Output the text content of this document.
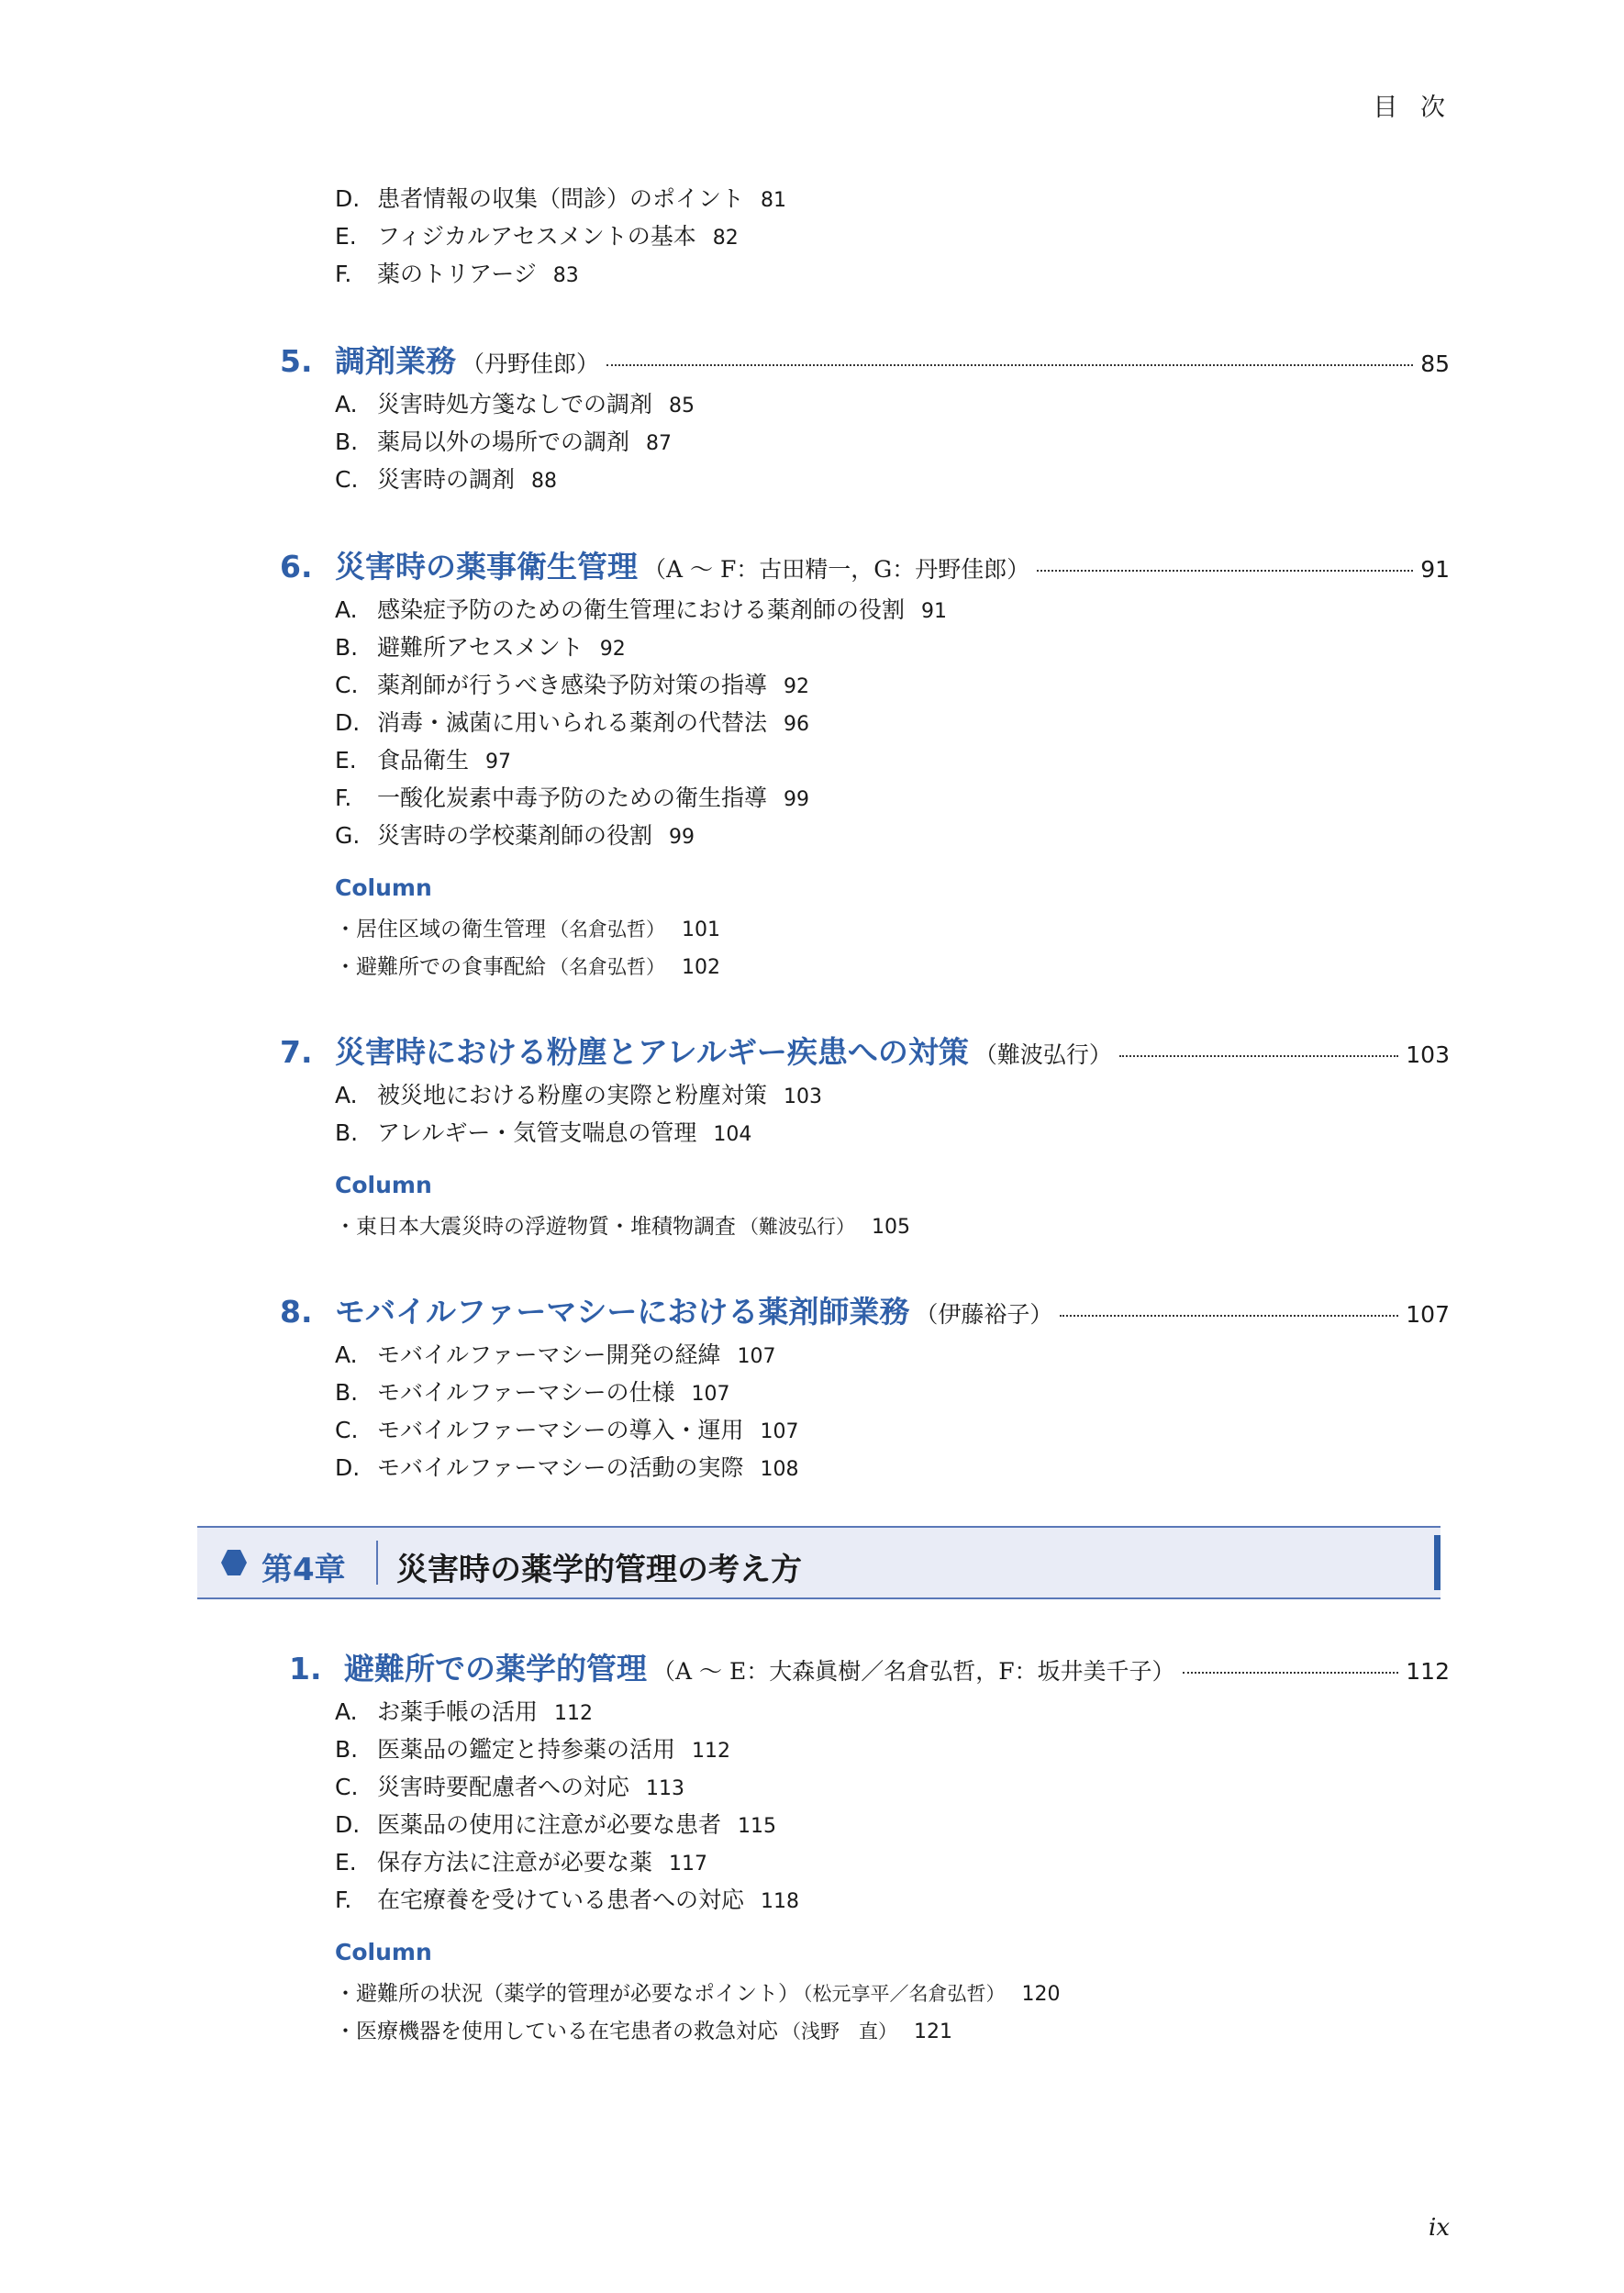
目 次
D. 患者情報の収集（問診）のポイント 81
E. フィジカルアセスメントの基本 82
F. 薬のトリアージ 83
5. 調剤業務 （丹野佳郎）	85
A. 災害時処方箋なしでの調剤 85
B. 薬局以外の場所での調剤 87
C. 災害時の調剤 88
6. 災害時の薬事衛生管理 （A ～ F：古田精一，G：丹野佳郎）	91
A. 感染症予防のための衛生管理における薬剤師の役割 91
B. 避難所アセスメント 92
C. 薬剤師が行うべき感染予防対策の指導 92
D. 消毒・滅菌に用いられる薬剤の代替法 96
E. 食品衛生 97
F. 一酸化炭素中毒予防のための衛生指導 99
G. 災害時の学校薬剤師の役割 99
Column
・居住区域の衛生管理 （名倉弘哲） 101
・避難所での食事配給 （名倉弘哲） 102
7. 災害時における粉塵とアレルギー疾患への対策 （難波弘行）	103
A. 被災地における粉塵の実際と粉塵対策 103
B. アレルギー・気管支喘息の管理 104
Column
・東日本大震災時の浮遊物質・堆積物調査 （難波弘行） 105
8. モバイルファーマシーにおける薬剤師業務 （伊藤裕子）	107
A. モバイルファーマシー開発の経緯 107
B. モバイルファーマシーの仕様 107
C. モバイルファーマシーの導入・運用 107
D. モバイルファーマシーの活動の実際 108
第4章 災害時の薬学的管理の考え方
1. 避難所での薬学的管理 （A ～ E：大森眞樹／名倉弘哲，F：坂井美千子）	112
A. お薬手帳の活用 112
B. 医薬品の鑑定と持参薬の活用 112
C. 災害時要配慮者への対応 113
D. 医薬品の使用に注意が必要な患者 115
E. 保存方法に注意が必要な薬 117
F. 在宅療養を受けている患者への対応 118
Column
・避難所の状況（薬学的管理が必要なポイント） （松元享平／名倉弘哲） 120
・医療機器を使用している在宅患者の救急対応 （浅野　直） 121
ix
